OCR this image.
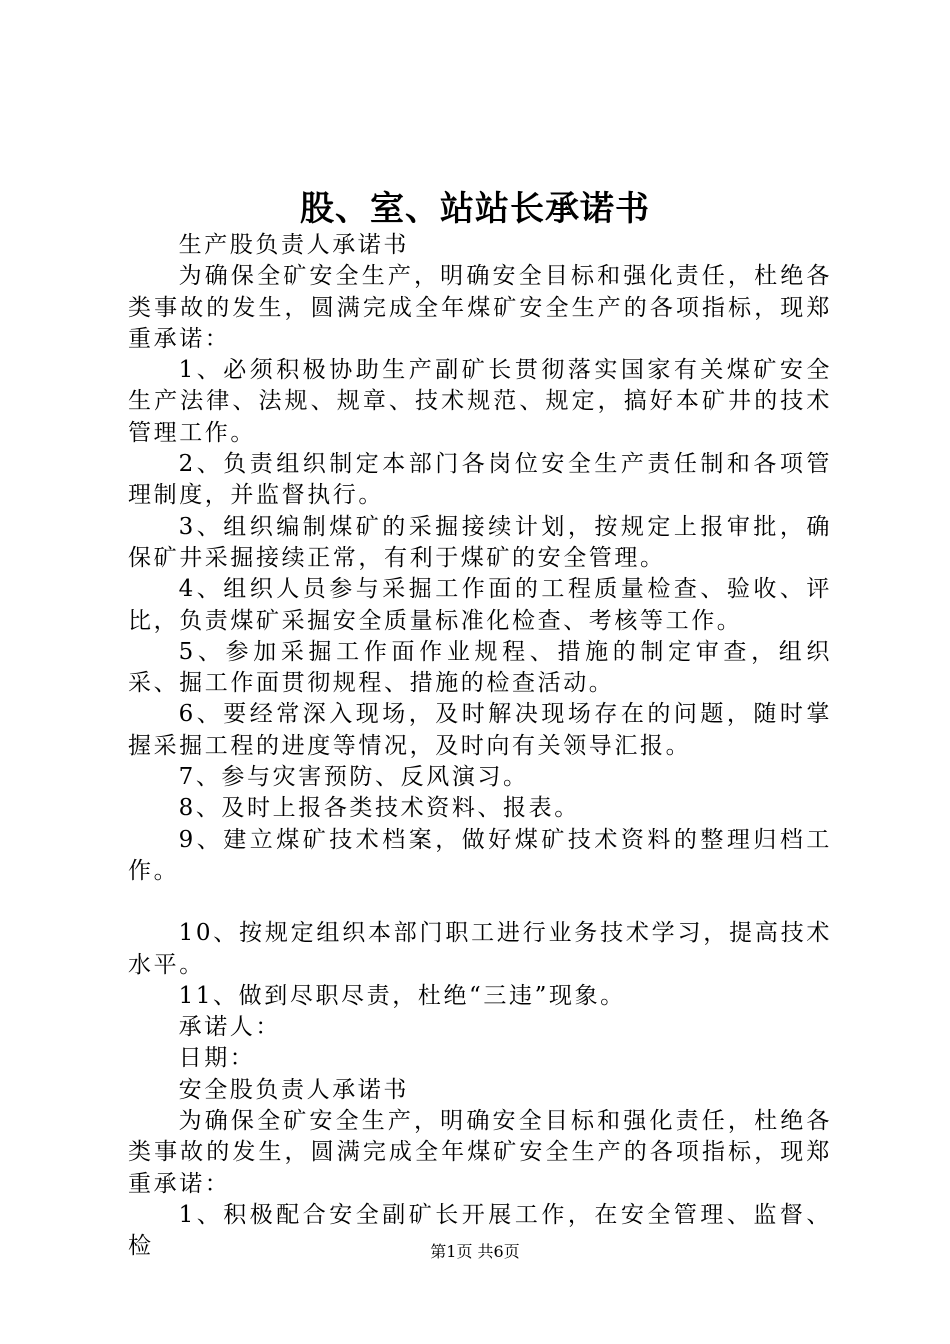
股、室、站站长承诺书

生产股负责人承诺书

为确保全矿安全生产，明确安全目标和强化责任，杜绝各类事故的发生，圆满完成全年煤矿安全生产的各项指标，现郑重承诺：

1、必须积极协助生产副矿长贯彻落实国家有关煤矿安全生产法律、法规、规章、技术规范、规定，搞好本矿井的技术管理工作。

2、负责组织制定本部门各岗位安全生产责任制和各项管理制度，并监督执行。

3、组织编制煤矿的采掘接续计划，按规定上报审批，确保矿井采掘接续正常，有利于煤矿的安全管理。

4、组织人员参与采掘工作面的工程质量检查、验收、评比，负责煤矿采掘安全质量标准化检查、考核等工作。

5、参加采掘工作面作业规程、措施的制定审查，组织采、掘工作面贯彻规程、措施的检查活动。

6、要经常深入现场，及时解决现场存在的问题，随时掌握采掘工程的进度等情况，及时向有关领导汇报。

7、参与灾害预防、反风演习。

8、及时上报各类技术资料、报表。

9、建立煤矿技术档案，做好煤矿技术资料的整理归档工作。

10、按规定组织本部门职工进行业务技术学习，提高技术水平。

11、做到尽职尽责，杜绝“三违”现象。

承诺人：

日期：

安全股负责人承诺书

为确保全矿安全生产，明确安全目标和强化责任，杜绝各类事故的发生，圆满完成全年煤矿安全生产的各项指标，现郑重承诺：

1、积极配合安全副矿长开展工作，在安全管理、监督、检	第1页 共6页
